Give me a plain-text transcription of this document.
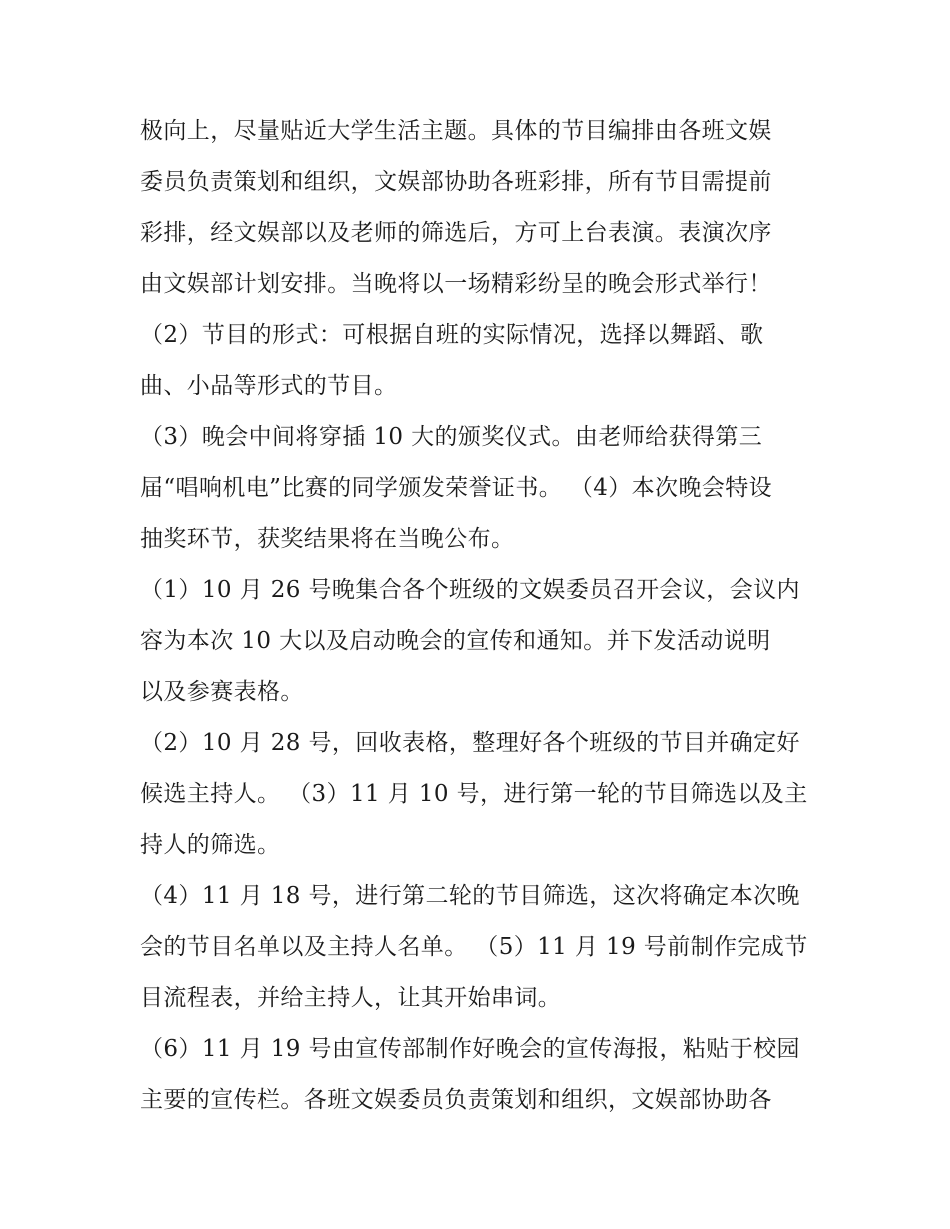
极向上，尽量贴近大学生活主题。具体的节目编排由各班文娱
委员负责策划和组织，文娱部协助各班彩排，所有节目需提前
彩排，经文娱部以及老师的筛选后，方可上台表演。表演次序
由文娱部计划安排。当晚将以一场精彩纷呈的晚会形式举行！
（2）节目的形式：可根据自班的实际情况，选择以舞蹈、歌
曲、小品等形式的节目。
（3）晚会中间将穿插 10 大的颁奖仪式。由老师给获得第三
届“唱响机电”比赛的同学颁发荣誉证书。 （4）本次晚会特设
抽奖环节，获奖结果将在当晚公布。
（1）10 月 26 号晚集合各个班级的文娱委员召开会议，会议内
容为本次 10 大以及启动晚会的宣传和通知。并下发活动说明
以及参赛表格。
（2）10 月 28 号，回收表格，整理好各个班级的节目并确定好
候选主持人。 （3）11 月 10 号，进行第一轮的节目筛选以及主
持人的筛选。
（4）11 月 18 号，进行第二轮的节目筛选，这次将确定本次晚
会的节目名单以及主持人名单。 （5）11 月 19 号前制作完成节
目流程表，并给主持人，让其开始串词。
（6）11 月 19 号由宣传部制作好晚会的宣传海报，粘贴于校园
主要的宣传栏。各班文娱委员负责策划和组织，文娱部协助各
